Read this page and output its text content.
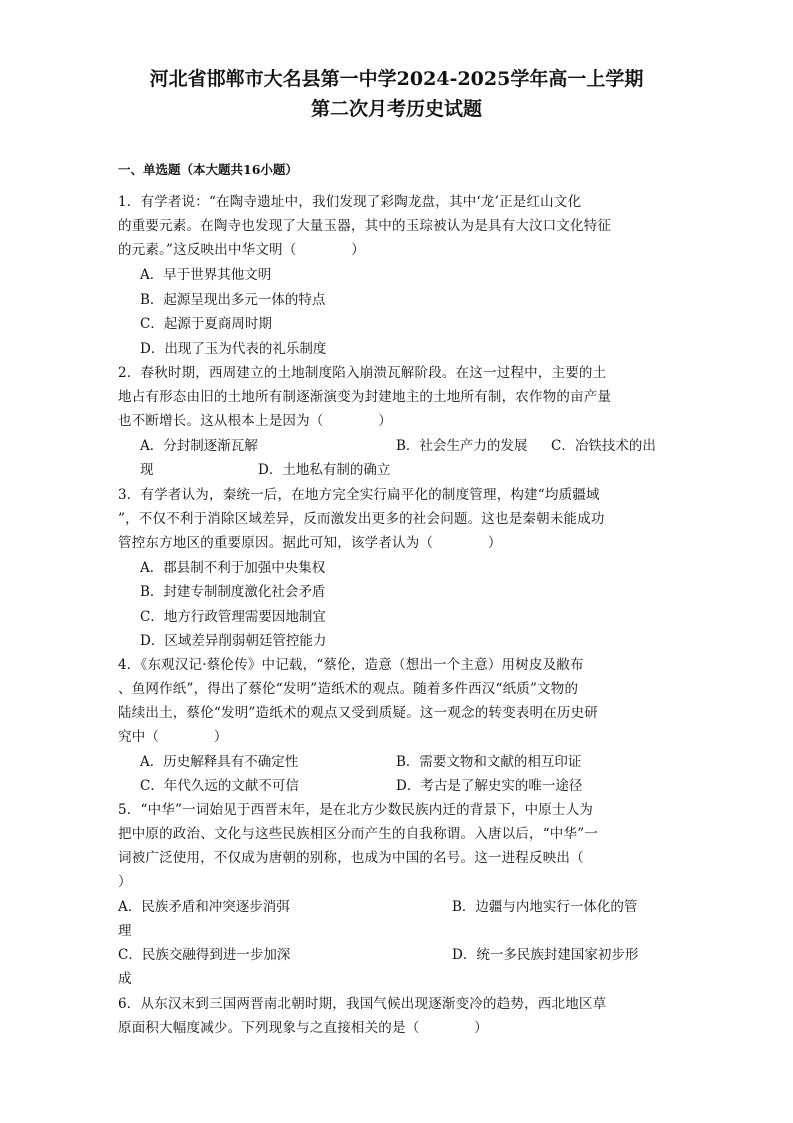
河北省邯郸市大名县第一中学2024-2025学年高一上学期
第二次月考历史试题
一、单选题（本大题共16小题）
1．有学者说：“在陶寺遗址中，我们发现了彩陶龙盘，其中‘龙’正是红山文化
的重要元素。在陶寺也发现了大量玉器，其中的玉琮被认为是具有大汶口文化特征
的元素。”这反映出中华文明（　　　　）
A．早于世界其他文明
B．起源呈现出多元一体的特点
C．起源于夏商周时期
D．出现了玉为代表的礼乐制度
2．春秋时期，西周建立的土地制度陷入崩溃瓦解阶段。在这一过程中，主要的土
地占有形态由旧的土地所有制逐渐演变为封建地主的土地所有制，农作物的亩产量
也不断增长。这从根本上是因为（　　　　）
A．分封制逐渐瓦解	B．社会生产力的发展 C．冶铁技术的出
现	D．土地私有制的确立
3．有学者认为，秦统一后，在地方完全实行扁平化的制度管理，构建“均质疆域
”，不仅不利于消除区域差异，反而激发出更多的社会问题。这也是秦朝未能成功
管控东方地区的重要原因。据此可知，该学者认为（　　　　）
A．郡县制不利于加强中央集权
B．封建专制制度激化社会矛盾
C．地方行政管理需要因地制宜
D．区域差异削弱朝廷管控能力
4．《东观汉记·蔡伦传》中记载，“蔡伦，造意（想出一个主意）用树皮及敝布
、鱼网作纸”，得出了蔡伦“发明”造纸术的观点。随着多件西汉“纸质”文物的
陆续出土，蔡伦“发明”造纸术的观点又受到质疑。这一观念的转变表明在历史研
究中（　　　　）
A．历史解释具有不确定性	B．需要文物和文献的相互印证
C．年代久远的文献不可信	D．考古是了解史实的唯一途径
5．“中华”一词始见于西晋末年，是在北方少数民族内迁的背景下，中原士人为
把中原的政治、文化与这些民族相区分而产生的自我称谓。入唐以后，“中华”一
词被广泛使用，不仅成为唐朝的别称，也成为中国的名号。这一进程反映出（
）
A．民族矛盾和冲突逐步消弭	B．边疆与内地实行一体化的管
理
C．民族交融得到进一步加深	D．统一多民族封建国家初步形
成
6．从东汉末到三国两晋南北朝时期，我国气候出现逐渐变冷的趋势，西北地区草
原面积大幅度减少。下列现象与之直接相关的是（　　　　）
